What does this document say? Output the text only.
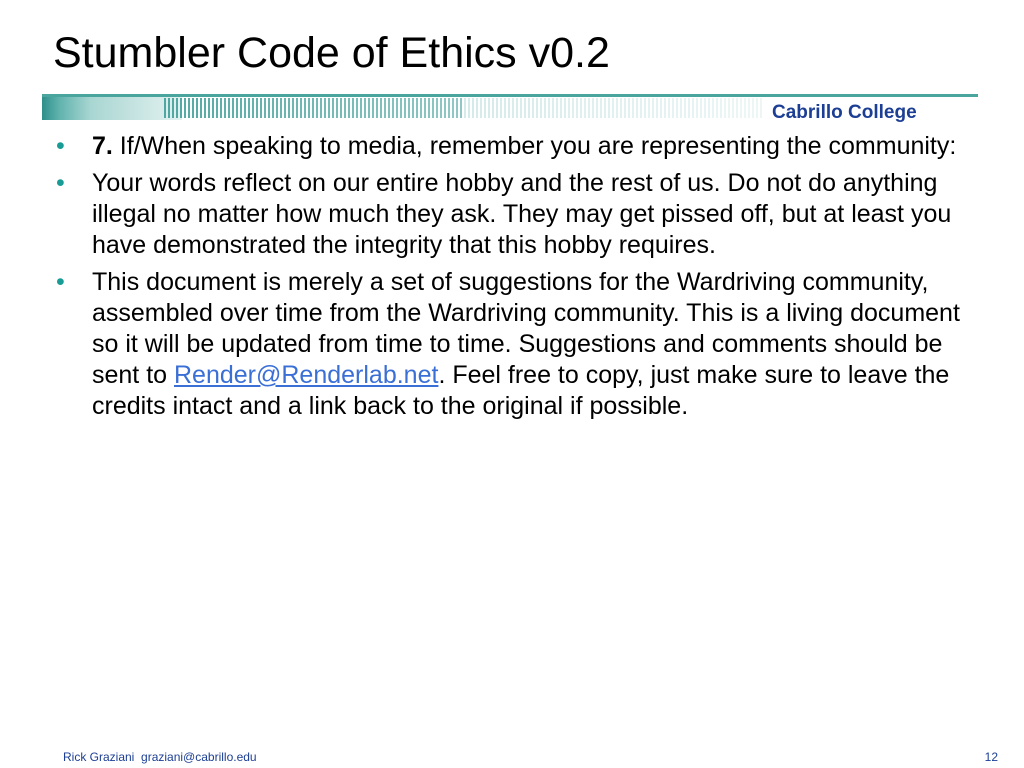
Stumbler Code of Ethics v0.2
Cabrillo College
• 7. If/When speaking to media, remember you are representing the community:
• Your words reflect on our entire hobby and the rest of us. Do not do anything illegal no matter how much they ask. They may get pissed off, but at least you have demonstrated the integrity that this hobby requires.
• This document is merely a set of suggestions for the Wardriving community, assembled over time from the Wardriving community. This is a living document so it will be updated from time to time. Suggestions and comments should be sent to Render@Renderlab.net. Feel free to copy, just make sure to leave the credits intact and a link back to the original if possible.
Rick Graziani  graziani@cabrillo.edu	12
